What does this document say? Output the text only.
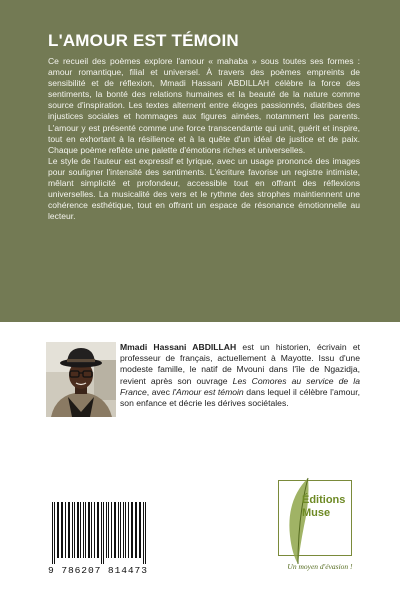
L'AMOUR EST TÉMOIN

Ce recueil des poèmes explore l'amour « mahaba » sous toutes ses formes : amour romantique, filial et universel. À travers des poèmes empreints de sensibilité et de réflexion, Mmadi Hassani ABDILLAH célèbre la force des sentiments, la bonté des relations humaines et la beauté de la nature comme source d'inspiration. Les textes alternent entre éloges passionnés, diatribes des injustices sociales et hommages aux figures aimées, notamment les parents. L'amour y est présenté comme une force transcendante qui unit, guérit et inspire, tout en exhortant à la résilience et à la quête d'un idéal de justice et de paix. Chaque poème reflète une palette d'émotions riches et universelles.

Le style de l'auteur est expressif et lyrique, avec un usage prononcé des images pour souligner l'intensité des sentiments. L'écriture favorise un registre intimiste, mêlant simplicité et profondeur, accessible tout en offrant des réflexions universelles. La musicalité des vers et le rythme des strophes maintiennent une cohérence esthétique, tout en offrant un espace de résonance émotionnelle au lecteur.

Mmadi Hassani ABDILLAH est un historien, écrivain et professeur de français, actuellement à Mayotte. Issu d'une modeste famille, le natif de Mvouni dans l'île de Ngazidja, revient après son ouvrage Les Comores au service de la France, avec l'Amour est témoin dans lequel il célèbre l'amour, son enfance et décrie les dérives sociétales.
9 786207 814473
Éditions
Muse
Un moyen d'évasion !
